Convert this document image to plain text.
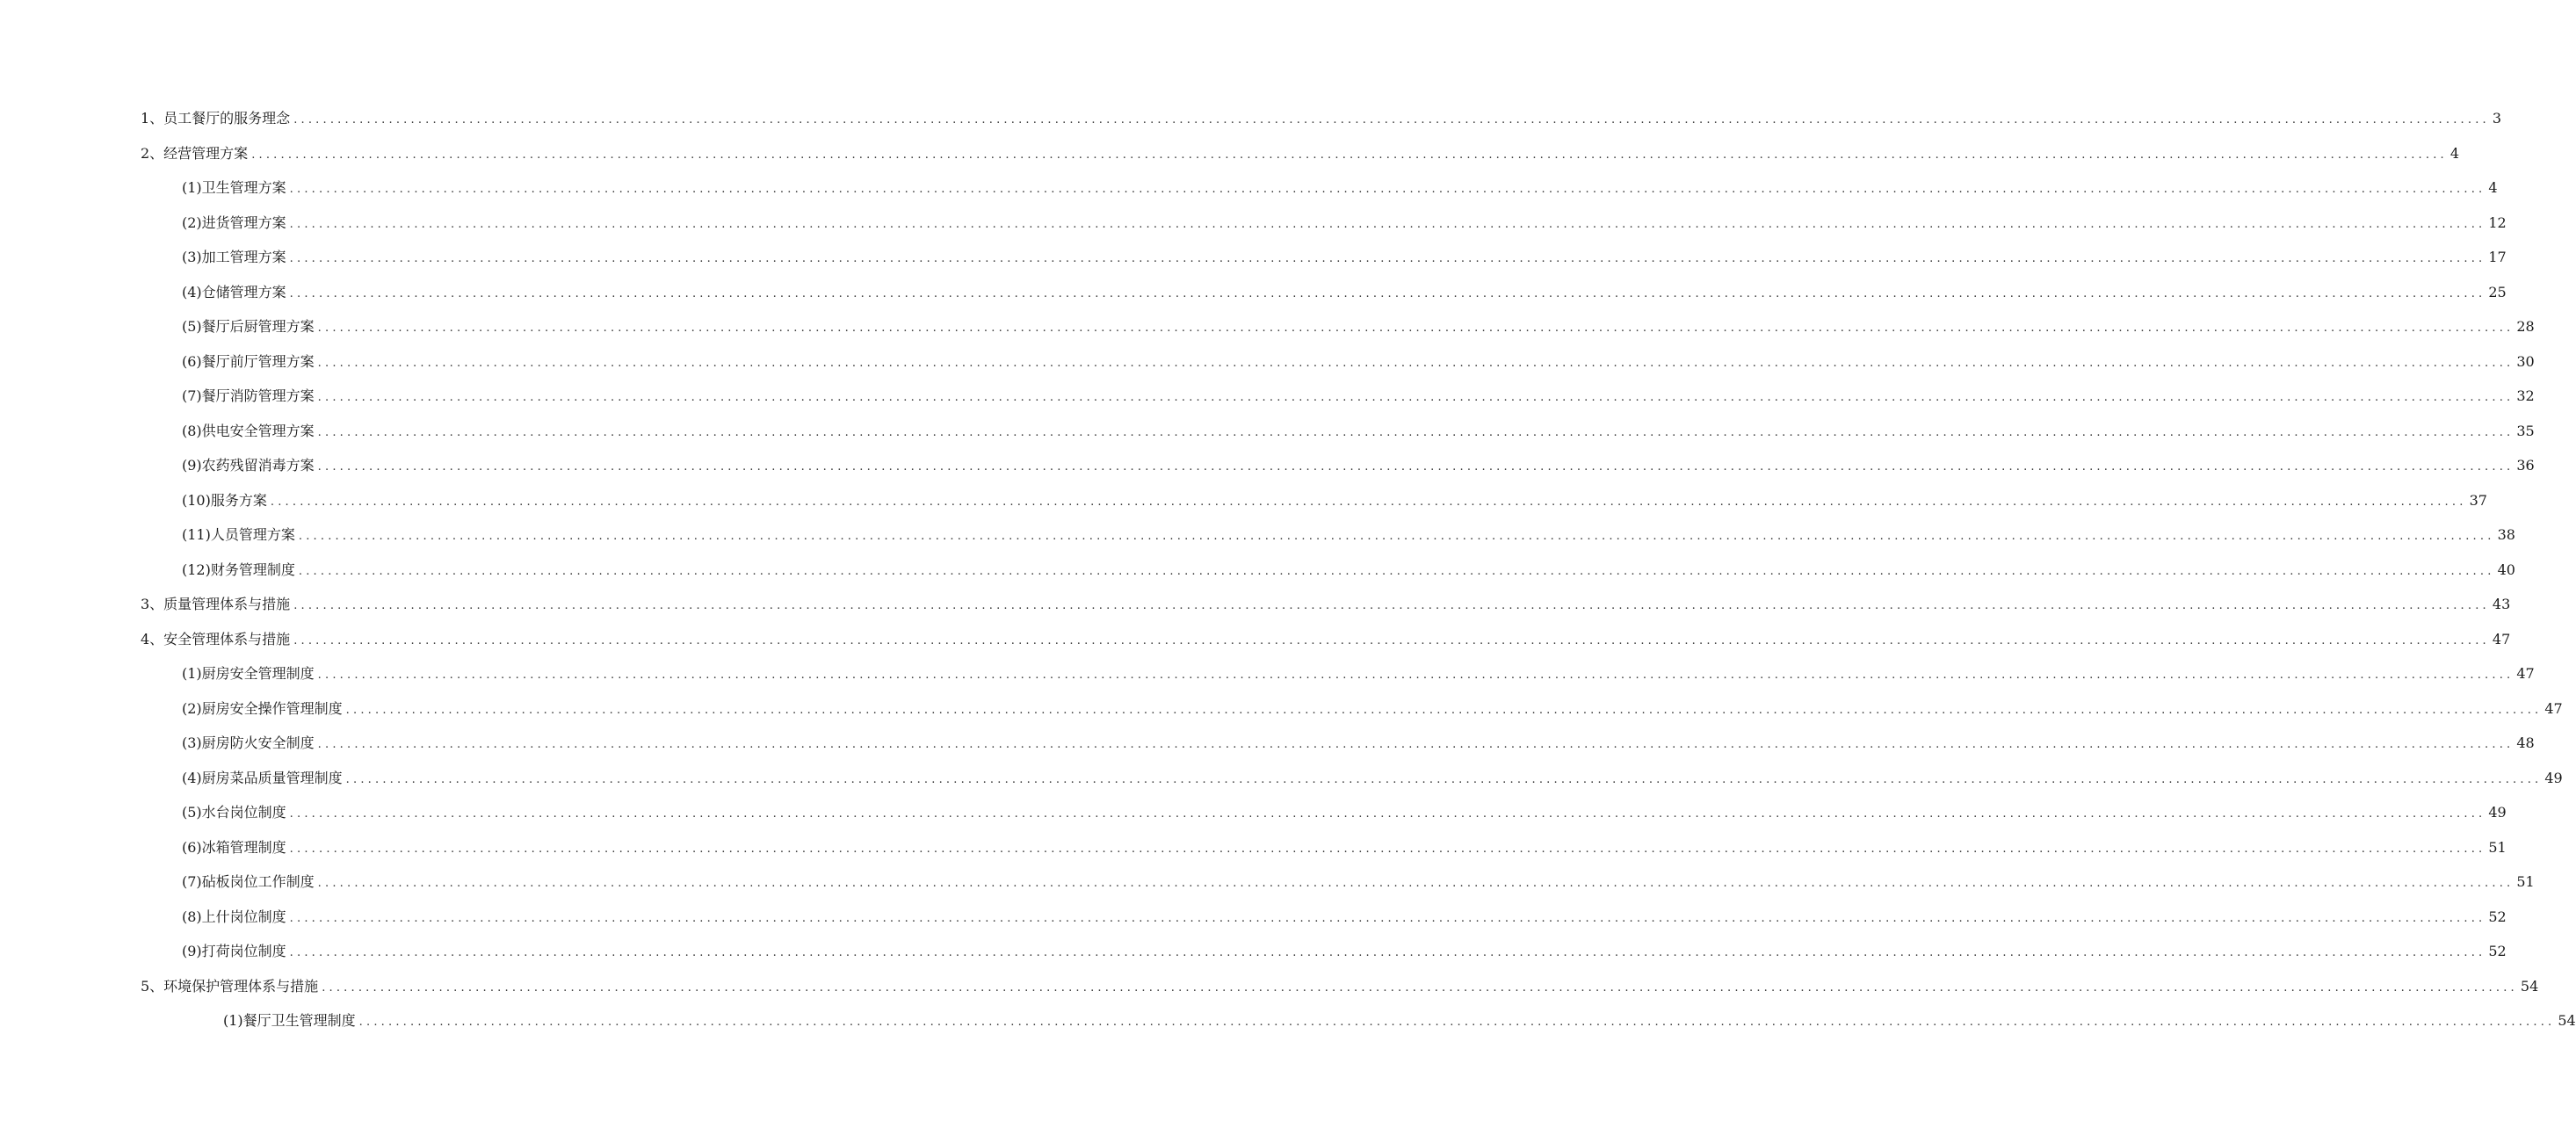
1、员工餐厅的服务理念 ............................................................................................................................................................................................................................................................................................................ 3
2、经营管理方案 ............................................................................................................................................................................................................................................................................................................ 4
(1)卫生管理方案 ............................................................................................................................................................................................................................................................................................................ 4
(2)进货管理方案 ............................................................................................................................................................................................................................................................................................................ 12
(3)加工管理方案 ............................................................................................................................................................................................................................................................................................................ 17
(4)仓储管理方案 ............................................................................................................................................................................................................................................................................................................ 25
(5)餐厅后厨管理方案 ............................................................................................................................................................................................................................................................................................................ 28
(6)餐厅前厅管理方案 ............................................................................................................................................................................................................................................................................................................ 30
(7)餐厅消防管理方案 ............................................................................................................................................................................................................................................................................................................ 32
(8)供电安全管理方案 ............................................................................................................................................................................................................................................................................................................ 35
(9)农药残留消毒方案 ............................................................................................................................................................................................................................................................................................................ 36
(10)服务方案 ............................................................................................................................................................................................................................................................................................................ 37
(11)人员管理方案 ............................................................................................................................................................................................................................................................................................................ 38
(12)财务管理制度 ............................................................................................................................................................................................................................................................................................................ 40
3、质量管理体系与措施 ............................................................................................................................................................................................................................................................................................................ 43
4、安全管理体系与措施 ............................................................................................................................................................................................................................................................................................................ 47
(1)厨房安全管理制度 ............................................................................................................................................................................................................................................................................................................ 47
(2)厨房安全操作管理制度 ............................................................................................................................................................................................................................................................................................................ 47
(3)厨房防火安全制度 ............................................................................................................................................................................................................................................................................................................ 48
(4)厨房菜品质量管理制度 ............................................................................................................................................................................................................................................................................................................ 49
(5)水台岗位制度 ............................................................................................................................................................................................................................................................................................................ 49
(6)冰箱管理制度 ............................................................................................................................................................................................................................................................................................................ 51
(7)砧板岗位工作制度 ............................................................................................................................................................................................................................................................................................................ 51
(8)上什岗位制度 ............................................................................................................................................................................................................................................................................................................ 52
(9)打荷岗位制度 ............................................................................................................................................................................................................................................................................................................ 52
5、环境保护管理体系与措施 ............................................................................................................................................................................................................................................................................................................ 54
(1)餐厅卫生管理制度 ............................................................................................................................................................................................................................................................................................................ 54
